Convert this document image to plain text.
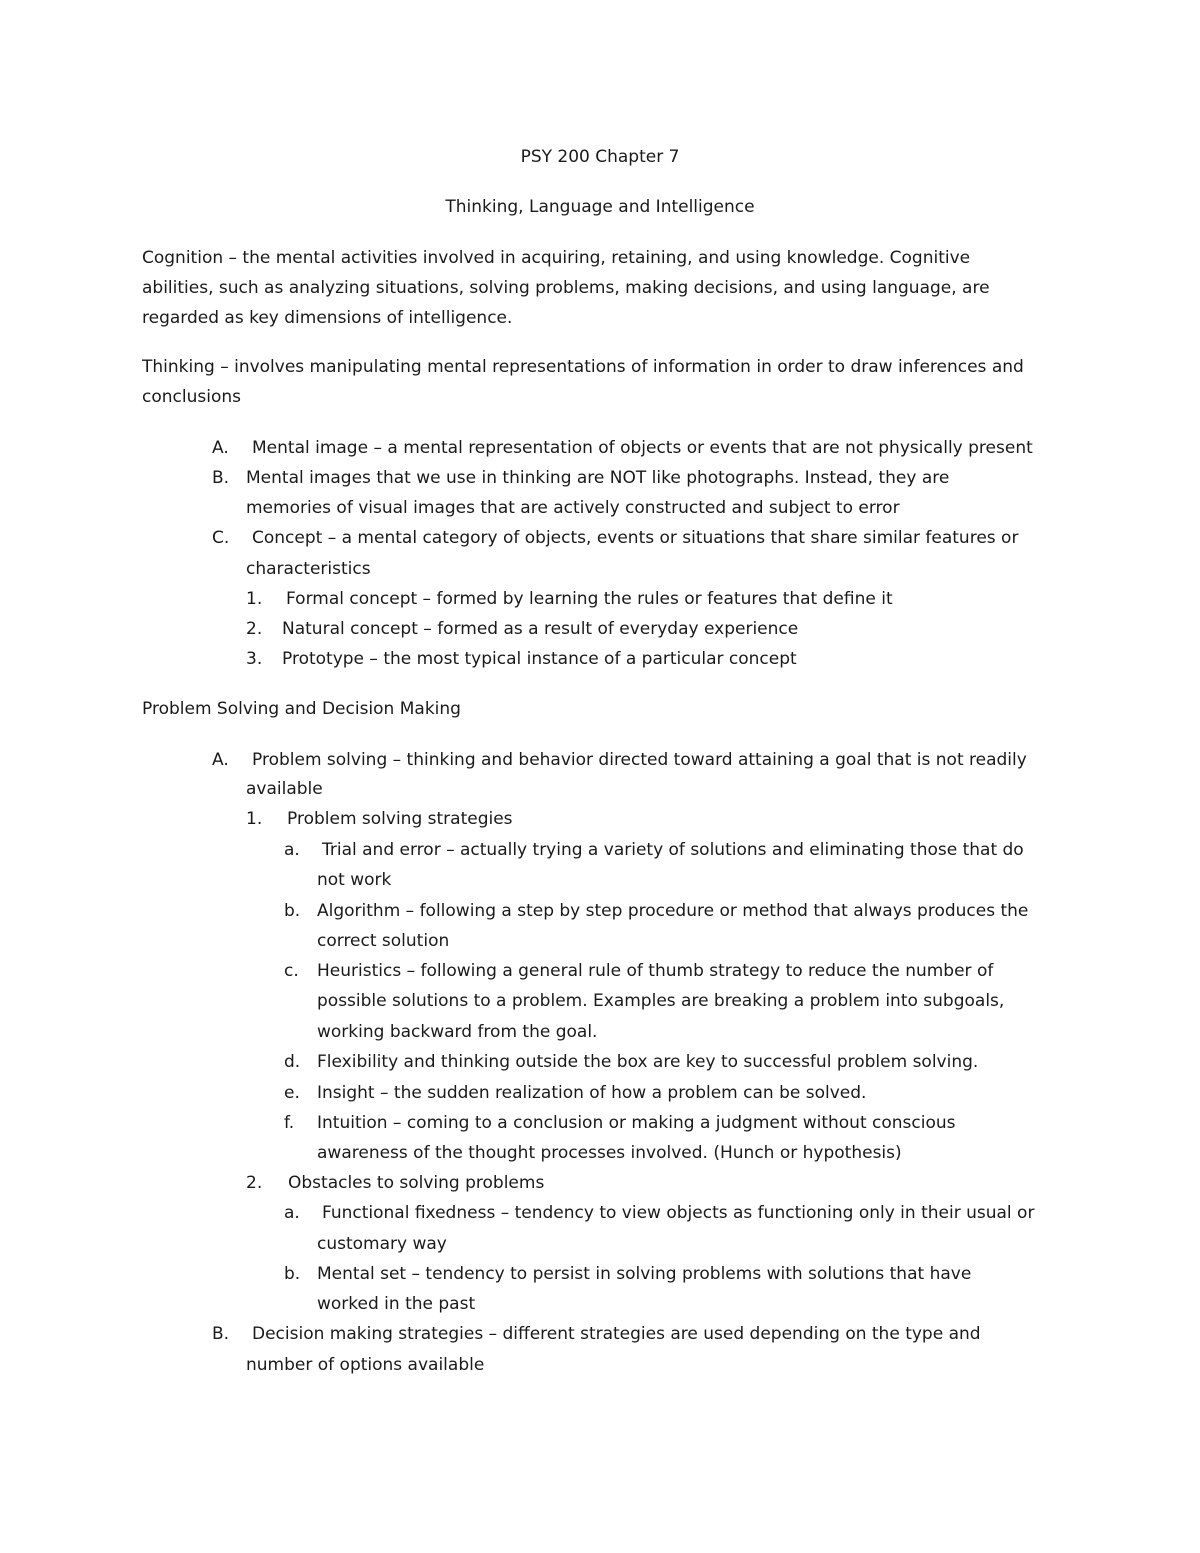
PSY 200 Chapter 7
Thinking, Language and Intelligence
Cognition – the mental activities involved in acquiring, retaining, and using knowledge. Cognitive
abilities, such as analyzing situations, solving problems, making decisions, and using language, are
regarded as key dimensions of intelligence.
Thinking – involves manipulating mental representations of information in order to draw inferences and
conclusions
A. Mental image – a mental representation of objects or events that are not physically present
B. Mental images that we use in thinking are NOT like photographs. Instead, they are
memories of visual images that are actively constructed and subject to error
C. Concept – a mental category of objects, events or situations that share similar features or
characteristics
1. Formal concept – formed by learning the rules or features that define it
2. Natural concept – formed as a result of everyday experience
3. Prototype – the most typical instance of a particular concept
Problem Solving and Decision Making
A. Problem solving – thinking and behavior directed toward attaining a goal that is not readily
available
1. Problem solving strategies
a. Trial and error – actually trying a variety of solutions and eliminating those that do
not work
b. Algorithm – following a step by step procedure or method that always produces the
correct solution
c. Heuristics – following a general rule of thumb strategy to reduce the number of
possible solutions to a problem. Examples are breaking a problem into subgoals,
working backward from the goal.
d. Flexibility and thinking outside the box are key to successful problem solving.
e. Insight – the sudden realization of how a problem can be solved.
f. Intuition – coming to a conclusion or making a judgment without conscious
awareness of the thought processes involved. (Hunch or hypothesis)
2. Obstacles to solving problems
a. Functional fixedness – tendency to view objects as functioning only in their usual or
customary way
b. Mental set – tendency to persist in solving problems with solutions that have
worked in the past
B. Decision making strategies – different strategies are used depending on the type and
number of options available
